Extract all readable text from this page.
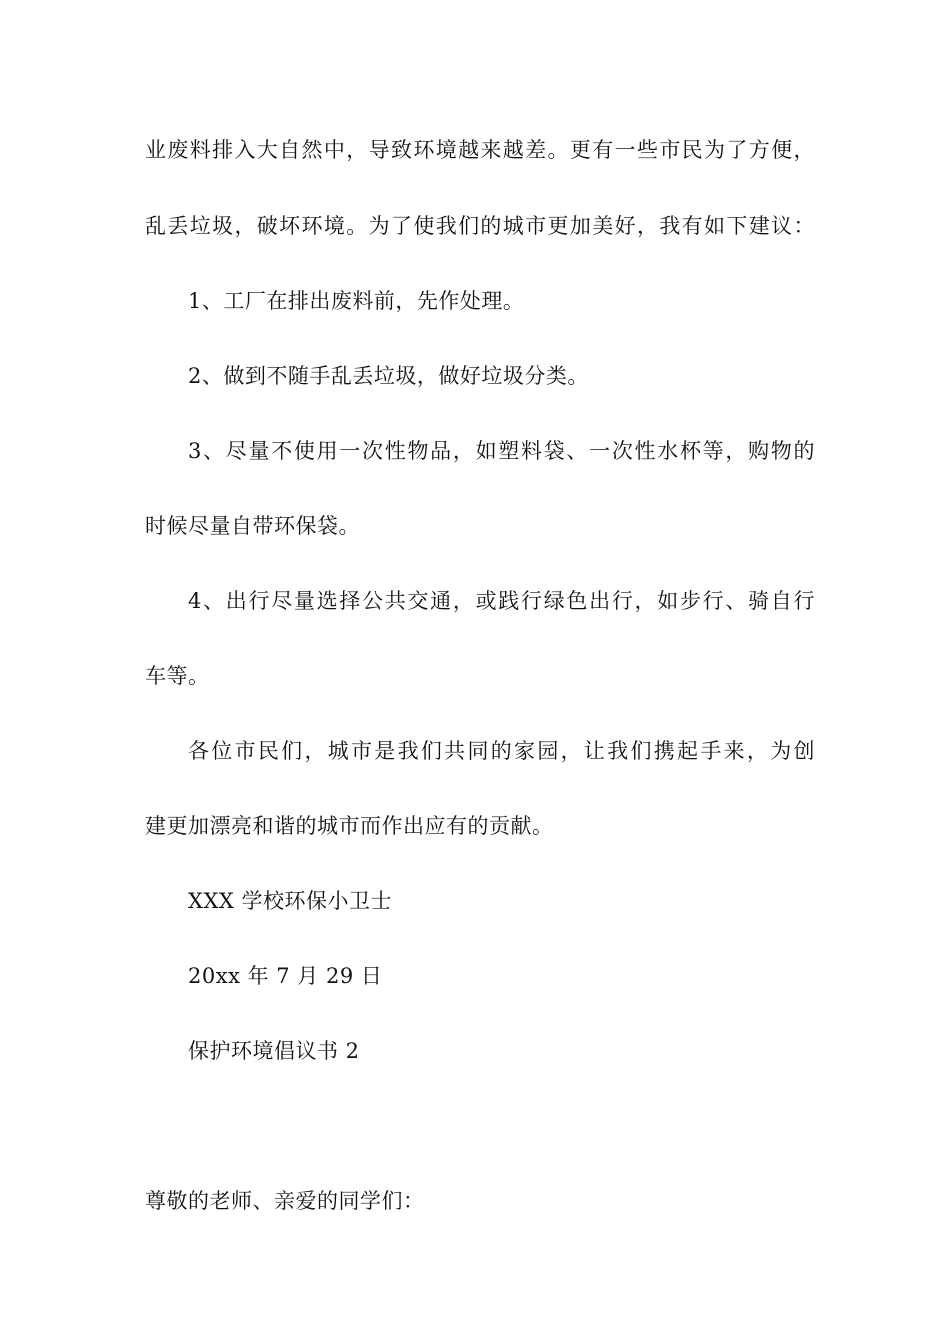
业废料排入大自然中，导致环境越来越差。更有一些市民为了方便，
乱丢垃圾，破坏环境。为了使我们的城市更加美好，我有如下建议：
1、工厂在排出废料前，先作处理。
2、做到不随手乱丢垃圾，做好垃圾分类。
3、尽量不使用一次性物品，如塑料袋、一次性水杯等，购物的
时候尽量自带环保袋。
4、出行尽量选择公共交通，或践行绿色出行，如步行、骑自行
车等。
各位市民们，城市是我们共同的家园，让我们携起手来，为创
建更加漂亮和谐的城市而作出应有的贡献。
XXX 学校环保小卫士
20xx 年 7 月 29 日
保护环境倡议书 2
尊敬的老师、亲爱的同学们：
